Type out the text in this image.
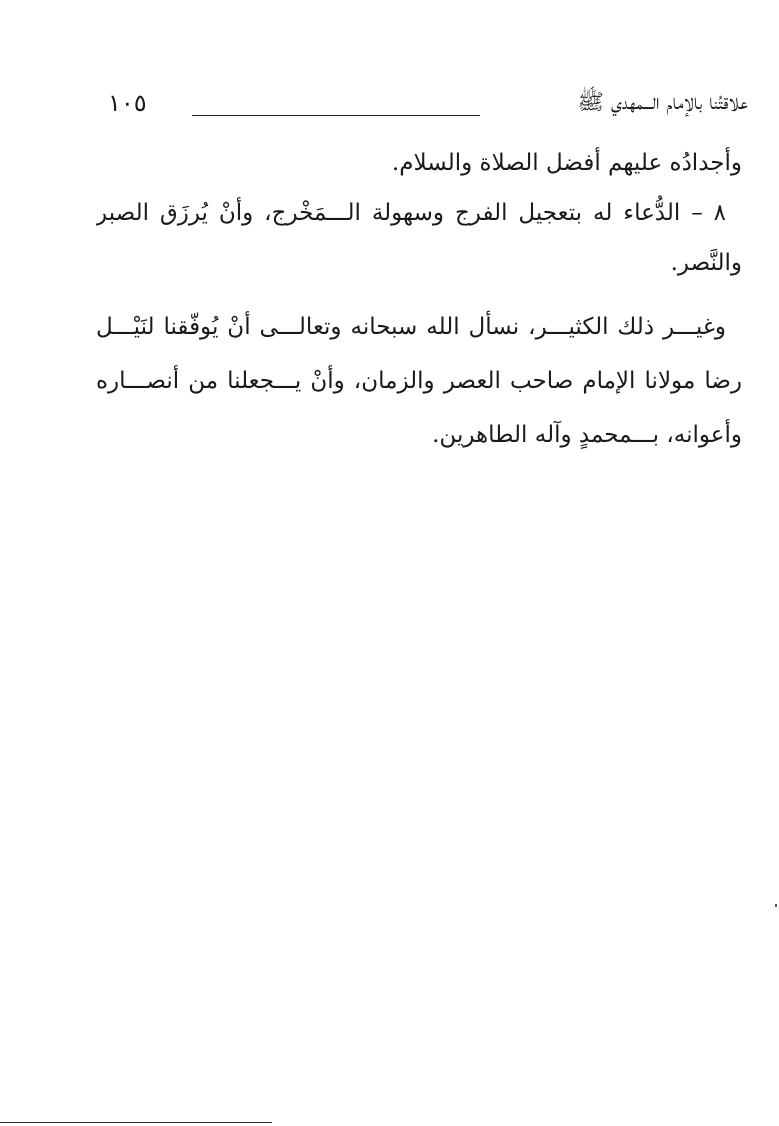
١٠٥	علاقتُنا بالإمام الـــمهدي ﷺ
وأجدادُه عليهم أفضل الصلاة والسلام.
٨ – الدُّعاء له بتعجيل الفرج وسهولة الـــمَخْرج، وأنْ يُرزَق الصبر
والنَّصر.
وغيـــر ذلك الكثيـــر، نسأل الله سبحانه وتعالـــى أنْ يُوفّقنا لنَيْـــل
رضا مولانا الإمام صاحب العصر والزمان، وأنْ يـــجعلنا من أنصـــاره
وأعوانه، بـــمحمدٍ وآله الطاهرين.
